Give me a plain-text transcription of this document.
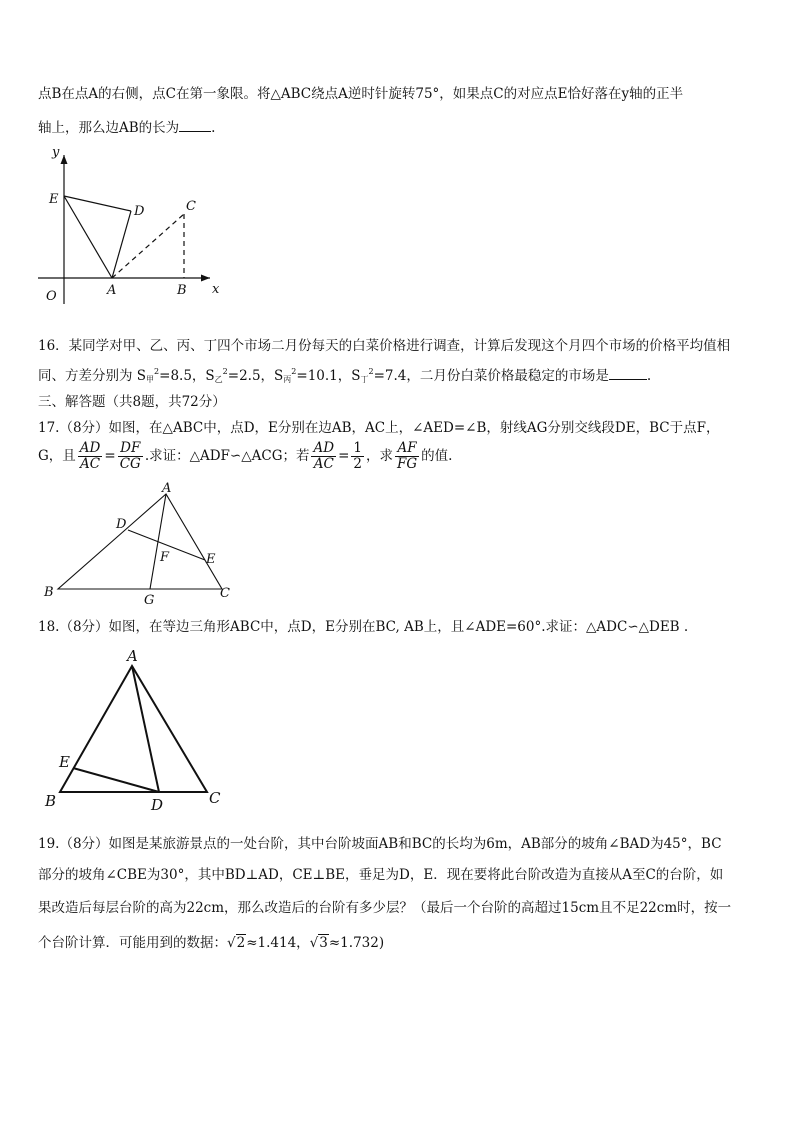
点B在点A的右侧，点C在第一象限。将△ABC绕点A逆时针旋转75°，如果点C的对应点E恰好落在y轴的正半
轴上，那么边AB的长为 .
y
x
O
E
D	C
A	B
16．某同学对甲、乙、丙、丁四个市场二月份每天的白菜价格进行调查，计算后发现这个月四个市场的价格平均值相
同、方差分别为 $S_甲^2=8.5$，$S_乙^2=2.5$，$S_丙^2=10.1$，$S_丁^2=7.4$，二月份白菜价格最稳定的市场是	.
三、解答题（共8题，共72分）
17.（8分）如图，在△ABC中，点D，E分别在边AB，AC上，∠AED=∠B，射线AG分别交线段DE，BC于点F，
G，且 $\frac{AD}{AC} = \frac{DF}{CG}$ .求证：△ADF∽△ACG；若 $\frac{AD}{AC} = \frac{1}{2}$ ，求 $\frac{AF}{FG}$ 的值.
A
D
F	E
B
G	C
18.（8分）如图，在等边三角形ABC中，点D，E分别在BC, AB上，且∠ADE=60°.求证：△ADC∽△DEB .
A
E
B	D	C
19.（8分）如图是某旅游景点的一处台阶，其中台阶坡面AB和BC的长均为6m，AB部分的坡角∠BAD为45°，BC
部分的坡角∠CBE为30°，其中BD⊥AD，CE⊥BE，垂足为D，E．现在要将此台阶改造为直接从A至C的台阶，如
果改造后每层台阶的高为22cm，那么改造后的台阶有多少层？（最后一个台阶的高超过15cm且不足22cm时，按一
个台阶计算．可能用到的数据：√2≈1.414，√3≈1.732)
